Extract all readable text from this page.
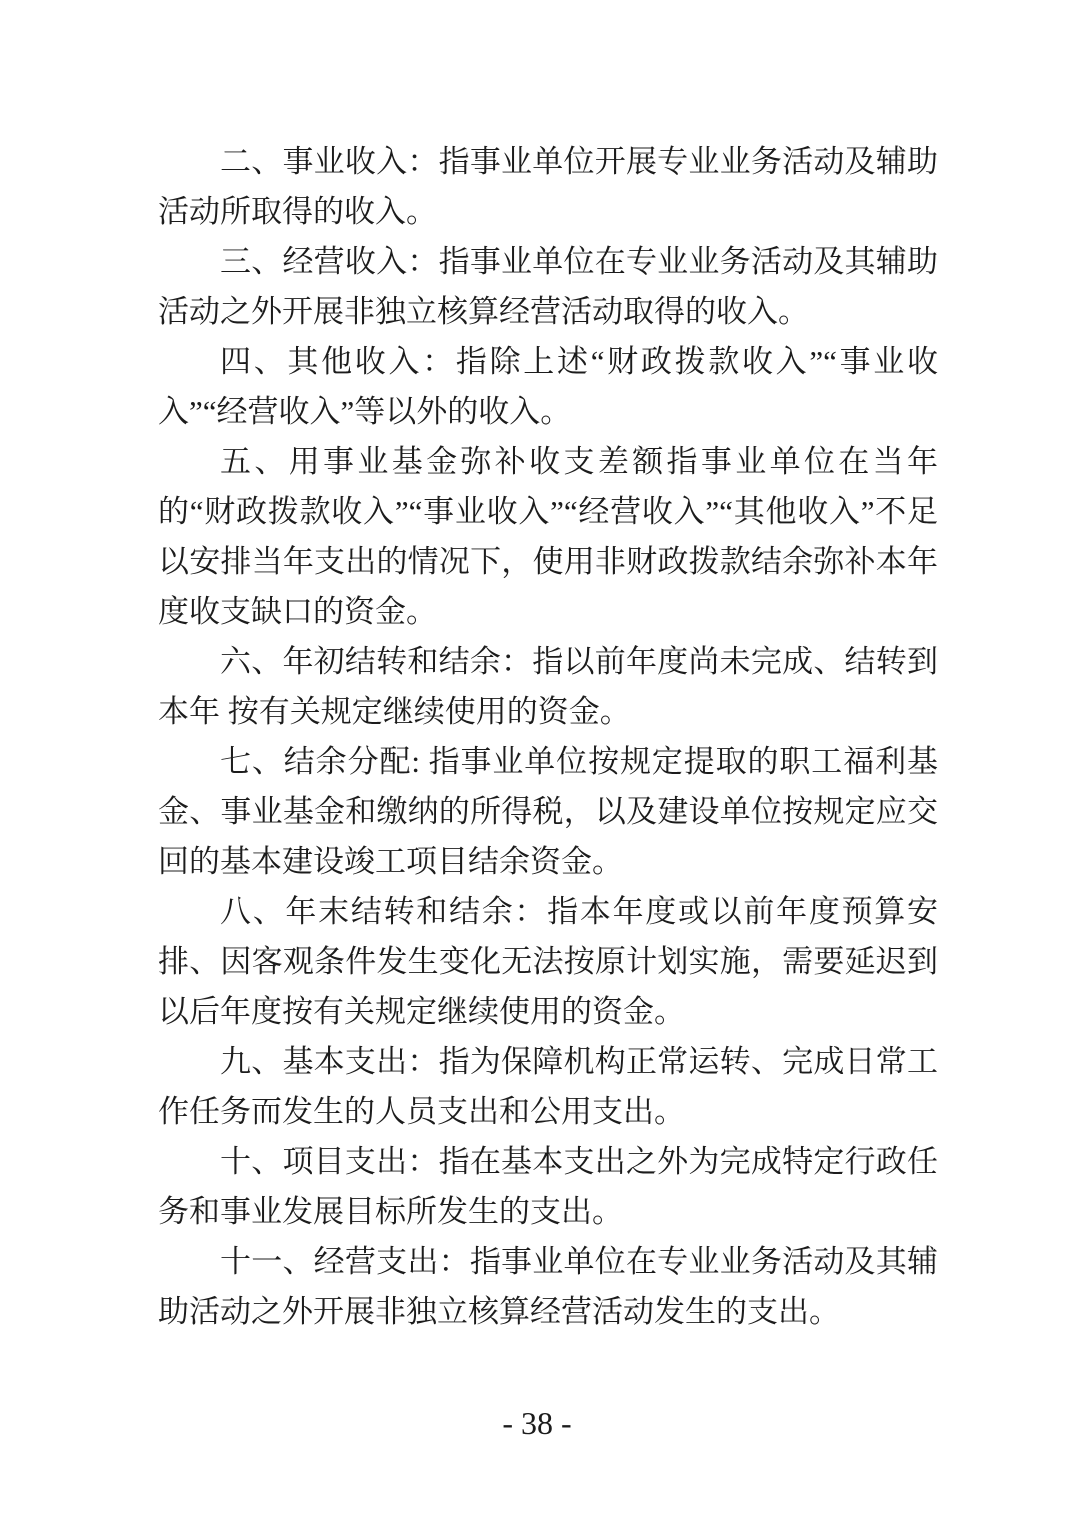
二、事业收入：指事业单位开展专业业务活动及辅助活动所取得的收入。

三、经营收入：指事业单位在专业业务活动及其辅助活动之外开展非独立核算经营活动取得的收入。

四、其他收入：指除上述“财政拨款收入”“事业收入”“经营收入”等以外的收入。

五、用事业基金弥补收支差额指事业单位在当年的“财政拨款收入”“事业收入”“经营收入”“其他收入”不足以安排当年支出的情况下，使用非财政拨款结余弥补本年度收支缺口的资金。

六、年初结转和结余：指以前年度尚未完成、结转到本年 按有关规定继续使用的资金。

七、结余分配: 指事业单位按规定提取的职工福利基金、事业基金和缴纳的所得税，以及建设单位按规定应交回的基本建设竣工项目结余资金。

八、年末结转和结余：指本年度或以前年度预算安排、因客观条件发生变化无法按原计划实施，需要延迟到以后年度按有关规定继续使用的资金。

九、基本支出：指为保障机构正常运转、完成日常工作任务而发生的人员支出和公用支出。

十、项目支出：指在基本支出之外为完成特定行政任务和事业发展目标所发生的支出。

十一、经营支出：指事业单位在专业业务活动及其辅助活动之外开展非独立核算经营活动发生的支出。

- 38 -
